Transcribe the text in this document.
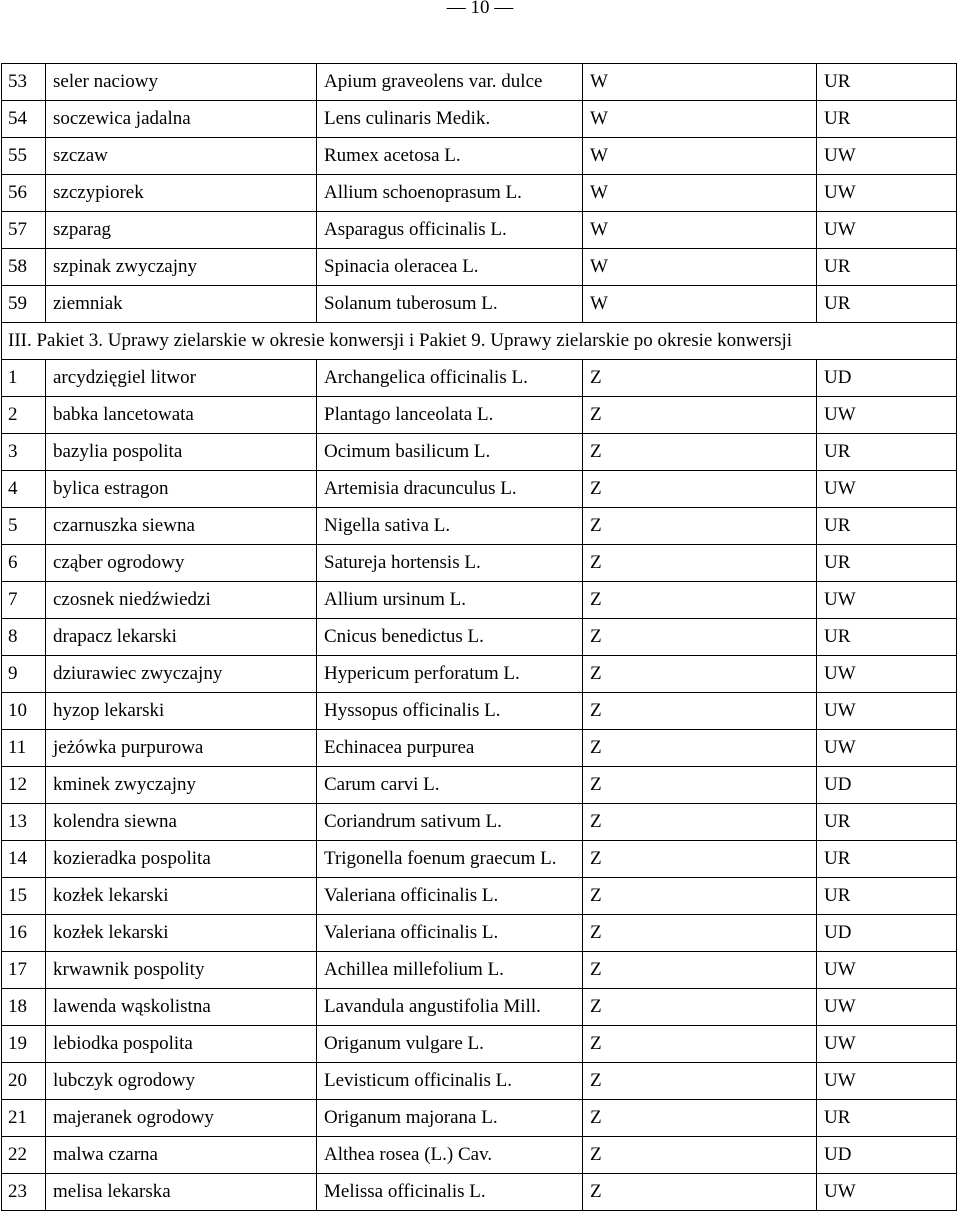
— 10 —
53	seler naciowy	Apium graveolens var. dulce	W	UR
54	soczewica jadalna	Lens culinaris Medik.	W	UR
55	szczaw	Rumex acetosa L.	W	UW
56	szczypiorek	Allium schoenoprasum L.	W	UW
57	szparag	Asparagus officinalis L.	W	UW
58	szpinak zwyczajny	Spinacia oleracea L.	W	UR
59	ziemniak	Solanum tuberosum L.	W	UR
III. Pakiet 3. Uprawy zielarskie w okresie konwersji i Pakiet 9. Uprawy zielarskie po okresie konwersji				
1	arcydzięgiel litwor	Archangelica officinalis L.	Z	UD
2	babka lancetowata	Plantago lanceolata L.	Z	UW
3	bazylia pospolita	Ocimum basilicum L.	Z	UR
4	bylica estragon	Artemisia dracunculus L.	Z	UW
5	czarnuszka siewna	Nigella sativa L.	Z	UR
6	cząber ogrodowy	Satureja hortensis L.	Z	UR
7	czosnek niedźwiedzi	Allium ursinum L.	Z	UW
8	drapacz lekarski	Cnicus benedictus L.	Z	UR
9	dziurawiec zwyczajny	Hypericum perforatum L.	Z	UW
10	hyzop lekarski	Hyssopus officinalis L.	Z	UW
11	jeżówka purpurowa	Echinacea purpurea	Z	UW
12	kminek zwyczajny	Carum carvi L.	Z	UD
13	kolendra siewna	Coriandrum sativum L.	Z	UR
14	kozieradka pospolita	Trigonella foenum graecum L.	Z	UR
15	kozłek lekarski	Valeriana officinalis L.	Z	UR
16	kozłek lekarski	Valeriana officinalis L.	Z	UD
17	krwawnik pospolity	Achillea millefolium L.	Z	UW
18	lawenda wąskolistna	Lavandula angustifolia Mill.	Z	UW
19	lebiodka pospolita	Origanum vulgare L.	Z	UW
20	lubczyk ogrodowy	Levisticum officinalis L.	Z	UW
21	majeranek ogrodowy	Origanum majorana L.	Z	UR
22	malwa czarna	Althea rosea (L.) Cav.	Z	UD
23	melisa lekarska	Melissa officinalis L.	Z	UW
